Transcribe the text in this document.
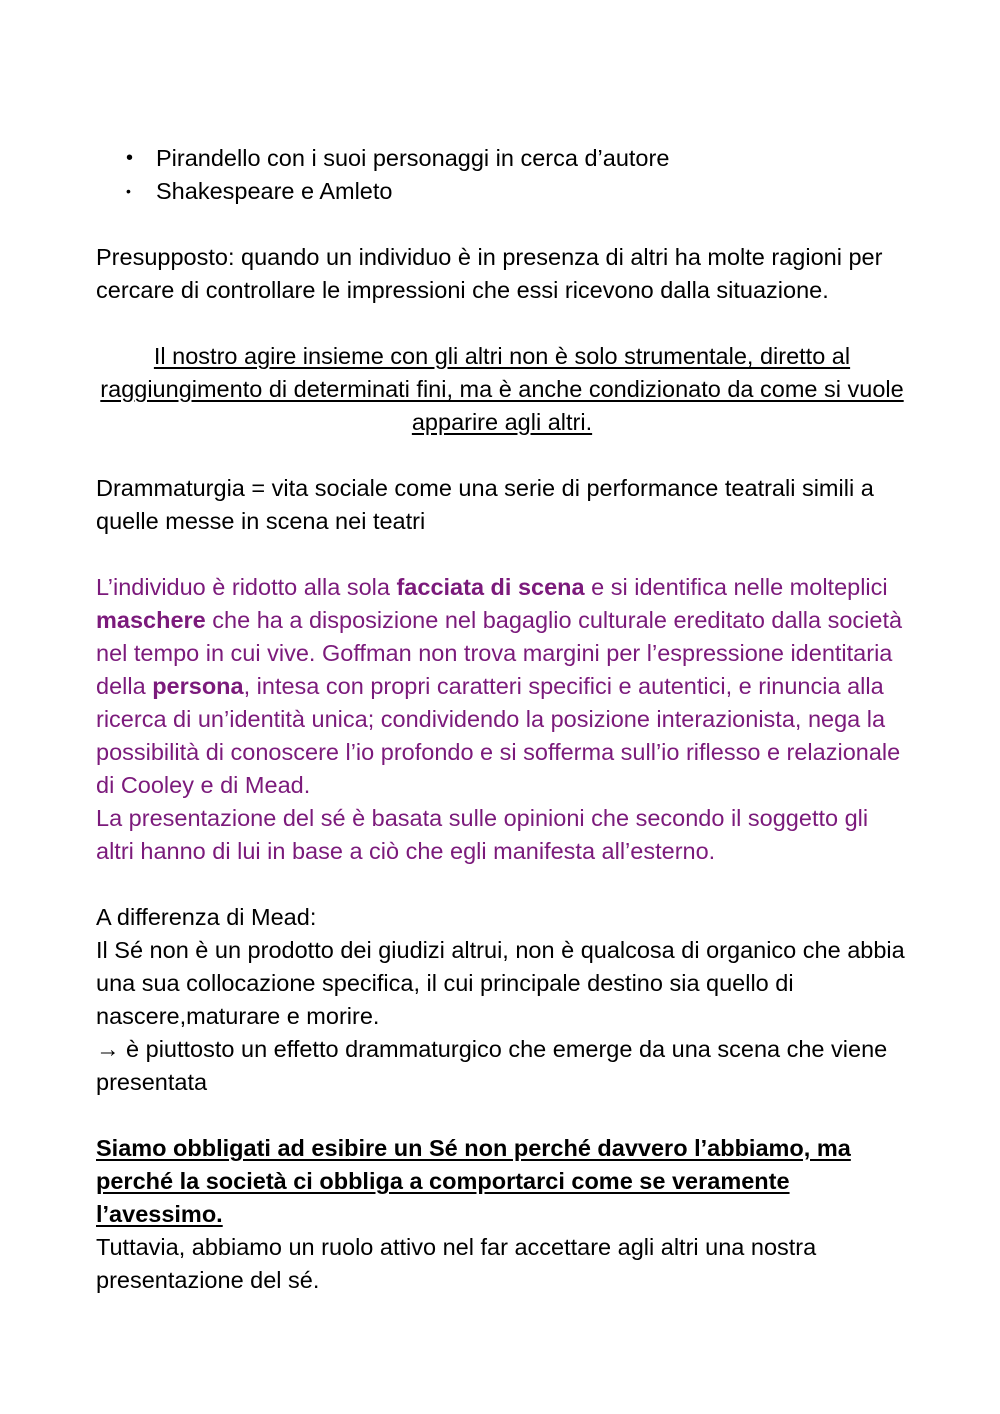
• Pirandello con i suoi personaggi in cerca d’autore
• Shakespeare e Amleto

Presupposto: quando un individuo è in presenza di altri ha molte ragioni per cercare di controllare le impressioni che essi ricevono dalla situazione.

Il nostro agire insieme con gli altri non è solo strumentale, diretto al raggiungimento di determinati fini, ma è anche condizionato da come si vuole apparire agli altri.

Drammaturgia = vita sociale come una serie di performance teatrali simili a quelle messe in scena nei teatri

L’individuo è ridotto alla sola facciata di scena e si identifica nelle molteplici maschere che ha a disposizione nel bagaglio culturale ereditato dalla società nel tempo in cui vive. Goffman non trova margini per l’espressione identitaria della persona, intesa con propri caratteri specifici e autentici, e rinuncia alla ricerca di un’identità unica; condividendo la posizione interazionista, nega la possibilità di conoscere l’io profondo e si sofferma sull’io riflesso e relazionale di Cooley e di Mead.

La presentazione del sé è basata sulle opinioni che secondo il soggetto gli altri hanno di lui in base a ciò che egli manifesta all’esterno.

A differenza di Mead:

Il Sé non è un prodotto dei giudizi altrui, non è qualcosa di organico che abbia una sua collocazione specifica, il cui principale destino sia quello di nascere,maturare e morire.

→ è piuttosto un effetto drammaturgico che emerge da una scena che viene presentata

Siamo obbligati ad esibire un Sé non perché davvero l’abbiamo, ma perché la società ci obbliga a comportarci come se veramente l’avessimo.

Tuttavia, abbiamo un ruolo attivo nel far accettare agli altri una nostra presentazione del sé.
